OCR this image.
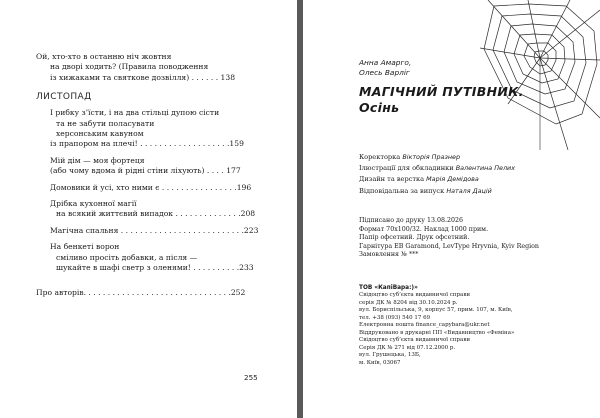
Ой, хто-хто в останню ніч жовтня
на дворі ходить? (Правила поводження
із хижаками та святкове дозвілля) . . . . . . 138
ЛИСТОПАД
І рибку з’їсти, і на два стільці дупою сісти
та не забути поласувати
херсонським кавуном
із прапором на плечі! . . . . . . . . . . . . . . . . . . .159
Мій дім — моя фортеця
(або чому вдома й рідні стіни ліхують) . . . . 177
Домовики й усі, хто ними є . . . . . . . . . . . . . . . .196
Дрібка кухонної магії
на всякий життєвий випадок . . . . . . . . . . . . . .208
Магічна спальня . . . . . . . . . . . . . . . . . . . . . . . . . .223
На бенкеті ворон
сміливо просіть добавки, а після —
шукайте в шафі светр з оленями! . . . . . . . . . .233
Про авторів. . . . . . . . . . . . . . . . . . . . . . . . . . . . . . .252
255
Анна Амарго,
Олесь Варліг
МАГІЧНИЙ ПУТІВНИК.
Осінь
Коректорка Вікторія Празнер
Ілюстрації для обкладинки Валентина Пелих
Дизайн та верстка Марія Демідова
Відповідальна за випуск Наталя Дацій
Підписано до друку 13.08.2026
Формат 70х100/32. Наклад 1000 прим.
Папір офсетний. Друк офсетний.
Гарнітура EB Garamond, LevType Hryvnia, Kyiv Region
Замовлення № ***
ТОВ «КапіВара:)»
Свідоцтво суб’єкта видавничої справи
серія ДК № 8204 від 30.10.2024 р.
вул. Бориспільська, 9, корпус 57, прим. 107, м. Київ,
тел. +38 (093) 540 17 69
Електронна пошта finance_capybara@ukr.net
Віддруковано в друкарні ПП «Видавництво «Феміна»
Свідоцтво суб’єкта видавничої справи
Серія ДК № 271 від 07.12.2000 р.
вул. Грушецька, 13Б,
м. Київ, 03067
